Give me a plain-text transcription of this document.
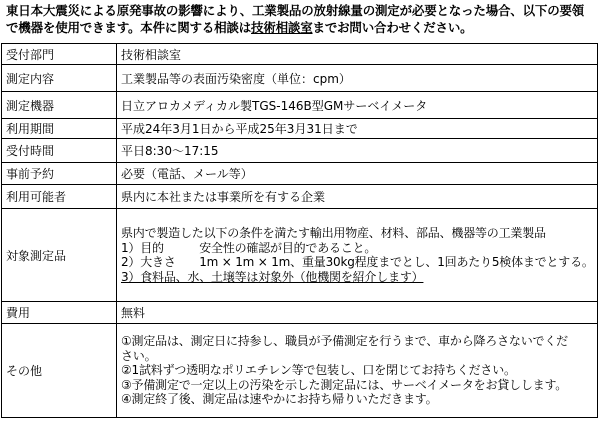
東日本大震災による原発事故の影響により、工業製品の放射線量の測定が必要となった場合、以下の要領で機器を使用できます。本件に関する相談は技術相談室までお問い合わせください。
受付部門	技術相談室
測定内容	工業製品等の表面汚染密度（単位：cpm）
測定機器	日立アロカメディカル製TGS-146B型GMサーベイメータ
利用期間	平成24年3月1日から平成25年3月31日まで
受付時間	平日8:30～17:15
事前予約	必要（電話、メール等）
利用可能者	県内に本社または事業所を有する企業
対象測定品	県内で製造した以下の条件を満たす輸出用物産、材料、部品、機器等の工業製品
1）目的　　　安全性の確認が目的であること。
2）大きさ　　1m × 1m × 1m、重量30kg程度までとし、1回あたり5検体までとする。
3）食料品、水、土壌等は対象外（他機関を紹介します）

費用	無料
その他	①測定品は、測定日に持参し、職員が予備測定を行うまで、車から降ろさないでくだ
さい。
②1試料ずつ透明なポリエチレン等で包装し、口を閉じてお持ちください。
③予備測定で一定以上の汚染を示した測定品には、サーベイメータをお貸しします。
④測定終了後、測定品は速やかにお持ち帰りいただきます。
